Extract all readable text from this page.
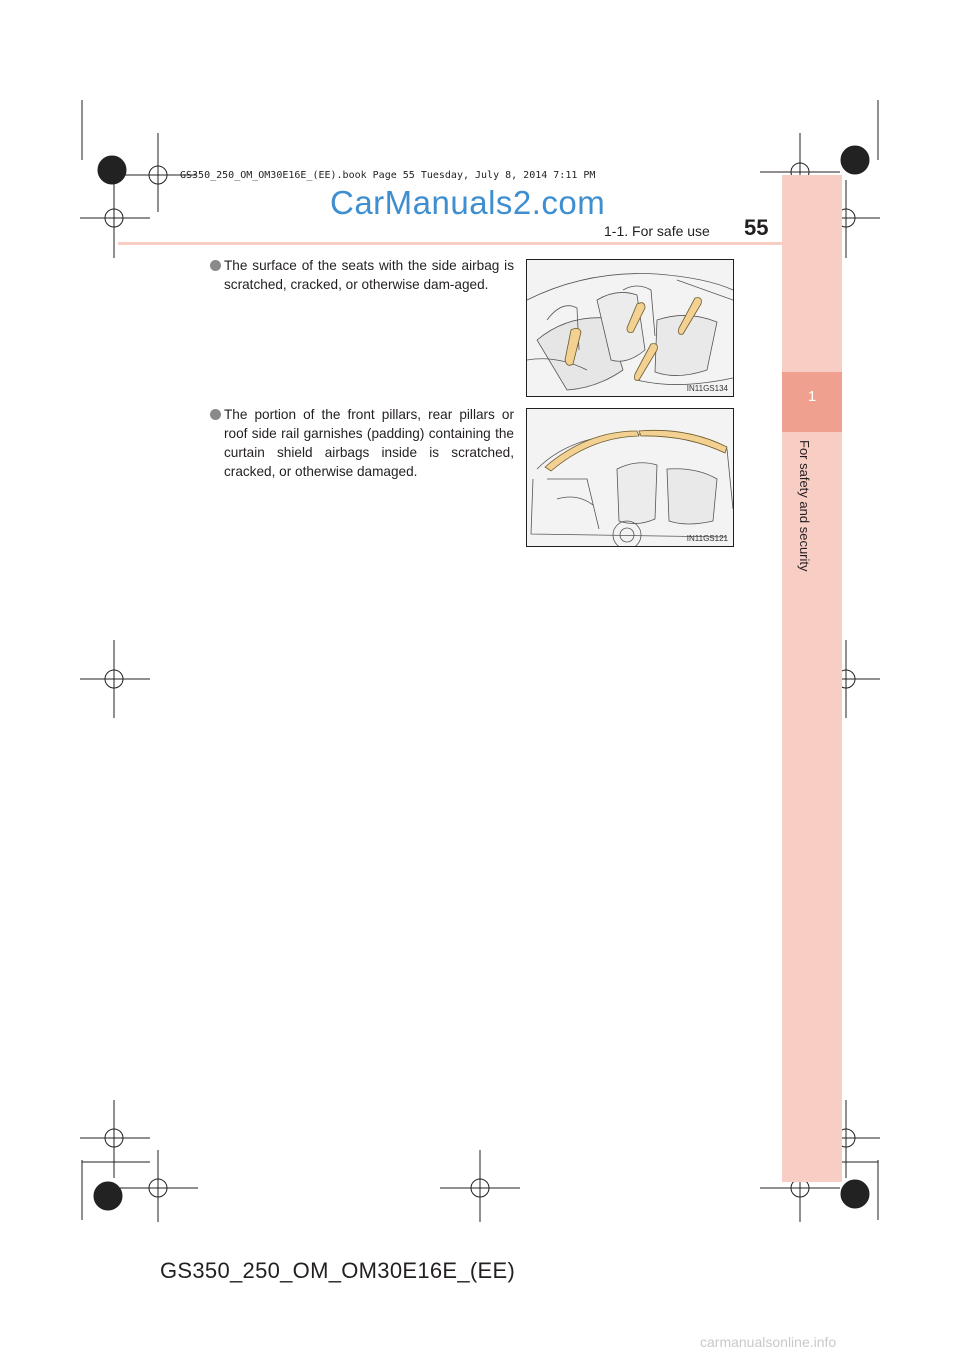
1
For safety and security
GS350_250_OM_OM30E16E_(EE).book Page 55 Tuesday, July 8, 2014 7:11 PM
CarManuals2.com
1-1. For safe use 55
The surface of the seats with the side airbag is scratched, cracked, or otherwise dam-aged.
IN11GS134
The portion of the front pillars, rear pillars or roof side rail garnishes (padding) containing the curtain shield airbags inside is scratched, cracked, or otherwise damaged.
IN11GS121
GS350_250_OM_OM30E16E_(EE)
carmanualsonline.info
